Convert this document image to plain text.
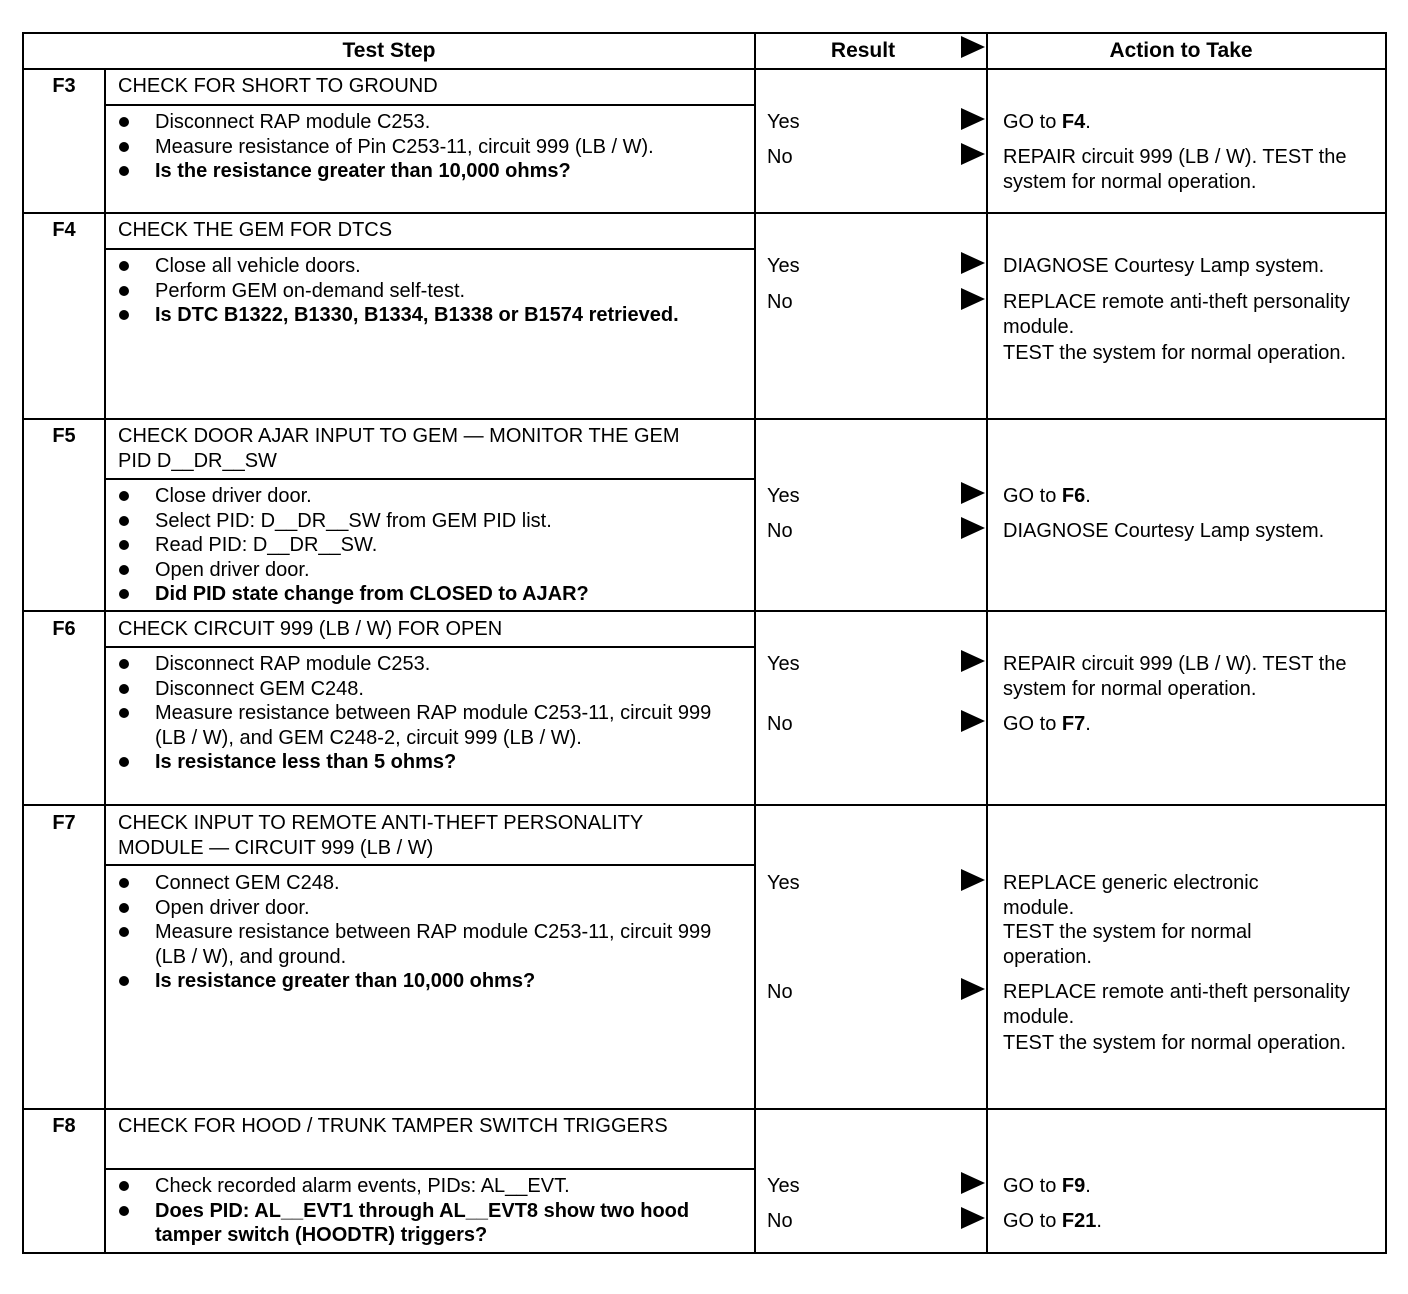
Test Step	Result	Action to Take
F3	CHECK FOR SHORT TO GROUND
Disconnect RAP module C253.
Measure resistance of Pin C253-11, circuit 999 (LB / W).
Is the resistance greater than 10,000 ohms?
Yes	GO to F4.
No	REPAIR circuit 999 (LB / W). TEST the system for normal operation.
F4	CHECK THE GEM FOR DTCS
Close all vehicle doors.
Perform GEM on-demand self-test.
Is DTC B1322, B1330, B1334, B1338 or B1574 retrieved.
Yes	DIAGNOSE Courtesy Lamp system.
No	REPLACE remote anti-theft personality module.
TEST the system for normal operation.
F5	CHECK DOOR AJAR INPUT TO GEM — MONITOR THE GEM PID D__DR__SW
Close driver door.
Select PID: D__DR__SW from GEM PID list.
Read PID: D__DR__SW.
Open driver door.
Did PID state change from CLOSED to AJAR?
Yes	GO to F6.
No	DIAGNOSE Courtesy Lamp system.
F6	CHECK CIRCUIT 999 (LB / W) FOR OPEN
Disconnect RAP module C253.
Disconnect GEM C248.
Measure resistance between RAP module C253-11, circuit 999 (LB / W), and GEM C248-2, circuit 999 (LB / W).
Is resistance less than 5 ohms?
Yes	REPAIR circuit 999 (LB / W). TEST the system for normal operation.
No	GO to F7.
F7	CHECK INPUT TO REMOTE ANTI-THEFT PERSONALITY MODULE — CIRCUIT 999 (LB / W)
Connect GEM C248.
Open driver door.
Measure resistance between RAP module C253-11, circuit 999 (LB / W), and ground.
Is resistance greater than 10,000 ohms?
Yes	REPLACE generic electronic module.
TEST the system for normal operation.
No	REPLACE remote anti-theft personality module.
TEST the system for normal operation.
F8	CHECK FOR HOOD / TRUNK TAMPER SWITCH TRIGGERS
Check recorded alarm events, PIDs: AL__EVT.
Does PID: AL__EVT1 through AL__EVT8 show two hood tamper switch (HOODTR) triggers?
Yes	GO to F9.
No	GO to F21.
